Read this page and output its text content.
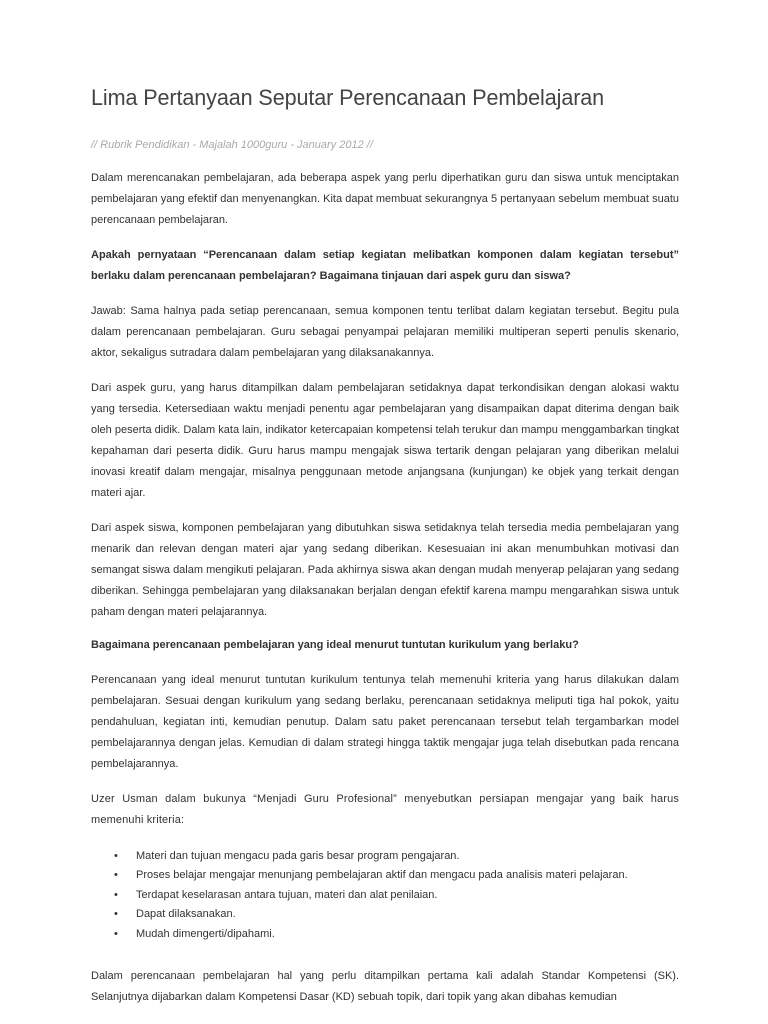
Lima Pertanyaan Seputar Perencanaan Pembelajaran
// Rubrik Pendidikan - Majalah 1000guru - January 2012 //

Dalam merencanakan pembelajaran, ada beberapa aspek yang perlu diperhatikan guru dan siswa untuk menciptakan pembelajaran yang efektif dan menyenangkan. Kita dapat membuat sekurangnya 5 pertanyaan sebelum membuat suatu perencanaan pembelajaran.

Apakah pernyataan “Perencanaan dalam setiap kegiatan melibatkan komponen dalam kegiatan tersebut” berlaku dalam perencanaan pembelajaran? Bagaimana tinjauan dari aspek guru dan siswa?

Jawab: Sama halnya pada setiap perencanaan, semua komponen tentu terlibat dalam kegiatan tersebut. Begitu pula dalam perencanaan pembelajaran. Guru sebagai penyampai pelajaran memiliki multiperan seperti penulis skenario, aktor, sekaligus sutradara dalam pembelajaran yang dilaksanakannya.

Dari aspek guru, yang harus ditampilkan dalam pembelajaran setidaknya dapat terkondisikan dengan alokasi waktu yang tersedia. Ketersediaan waktu menjadi penentu agar pembelajaran yang disampaikan dapat diterima dengan baik oleh peserta didik. Dalam kata lain, indikator ketercapaian kompetensi telah terukur dan mampu menggambarkan tingkat kepahaman dari peserta didik. Guru harus mampu mengajak siswa tertarik dengan pelajaran yang diberikan melalui inovasi kreatif dalam mengajar, misalnya penggunaan metode anjangsana (kunjungan) ke objek yang terkait dengan materi ajar.

Dari aspek siswa, komponen pembelajaran yang dibutuhkan siswa setidaknya telah tersedia media pembelajaran yang menarik dan relevan dengan materi ajar yang sedang diberikan. Kesesuaian ini akan menumbuhkan motivasi dan semangat siswa dalam mengikuti pelajaran. Pada akhirnya siswa akan dengan mudah menyerap pelajaran yang sedang diberikan. Sehingga pembelajaran yang dilaksanakan berjalan dengan efektif karena mampu mengarahkan siswa untuk paham dengan materi pelajarannya.

Bagaimana perencanaan pembelajaran yang ideal menurut tuntutan kurikulum yang berlaku?

Perencanaan yang ideal menurut tuntutan kurikulum tentunya telah memenuhi kriteria yang harus dilakukan dalam pembelajaran. Sesuai dengan kurikulum yang sedang berlaku, perencanaan setidaknya meliputi tiga hal pokok, yaitu pendahuluan, kegiatan inti, kemudian penutup. Dalam satu paket perencanaan tersebut telah tergambarkan model pembelajarannya dengan jelas. Kemudian di dalam strategi hingga taktik mengajar juga telah disebutkan pada rencana pembelajarannya.

Uzer Usman dalam bukunya “Menjadi Guru Profesional” menyebutkan persiapan mengajar yang baik harus memenuhi kriteria:

• Materi dan tujuan mengacu pada garis besar program pengajaran.
• Proses belajar mengajar menunjang pembelajaran aktif dan mengacu pada analisis materi pelajaran.
• Terdapat keselarasan antara tujuan, materi dan alat penilaian.
• Dapat dilaksanakan.
• Mudah dimengerti/dipahami.

Dalam perencanaan pembelajaran hal yang perlu ditampilkan pertama kali adalah Standar Kompetensi (SK). Selanjutnya dijabarkan dalam Kompetensi Dasar (KD) sebuah topik, dari topik yang akan dibahas kemudian
